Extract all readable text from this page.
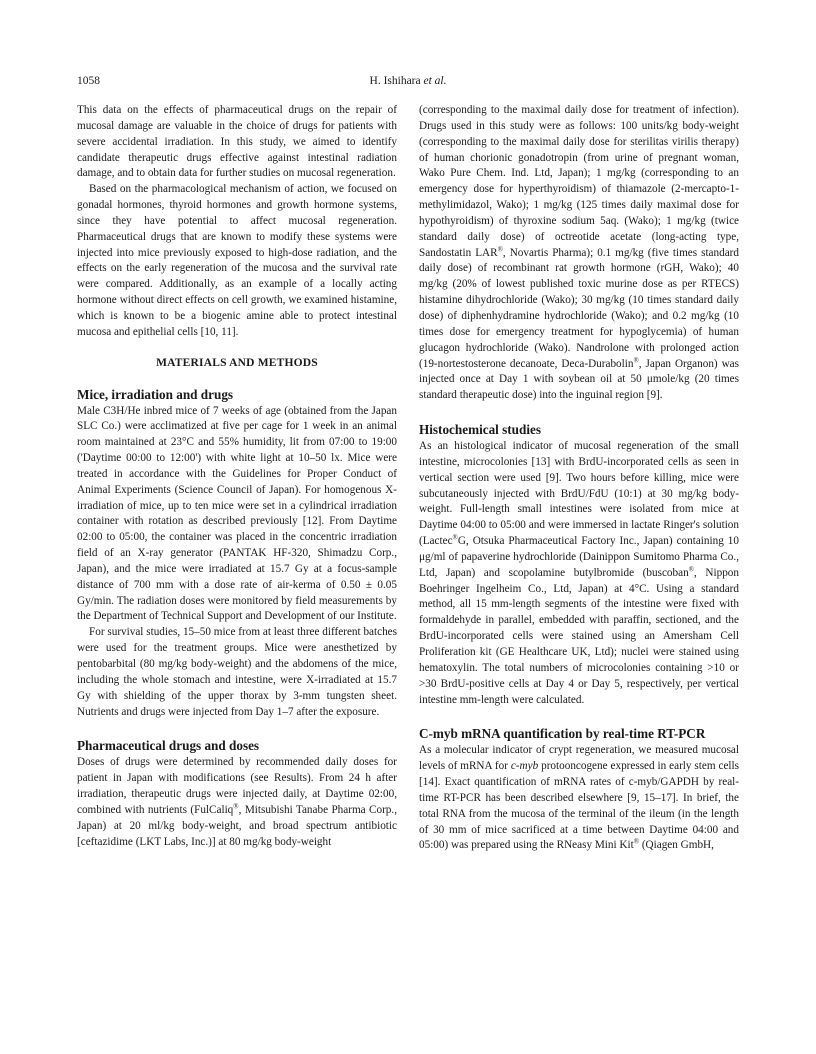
1058	H. Ishihara et al.

This data on the effects of pharmaceutical drugs on the repair of mucosal damage are valuable in the choice of drugs for patients with severe accidental irradiation. In this study, we aimed to identify candidate therapeutic drugs effective against intestinal radiation damage, and to obtain data for further studies on mucosal regeneration.

Based on the pharmacological mechanism of action, we focused on gonadal hormones, thyroid hormones and growth hormone systems, since they have potential to affect mucosal regeneration. Pharmaceutical drugs that are known to modify these systems were injected into mice previously exposed to high-dose radiation, and the effects on the early regeneration of the mucosa and the survival rate were compared. Additionally, as an example of a locally acting hormone without direct effects on cell growth, we examined histamine, which is known to be a biogenic amine able to protect intestinal mucosa and epithelial cells [10, 11].

MATERIALS AND METHODS
Mice, irradiation and drugs

Male C3H/He inbred mice of 7 weeks of age (obtained from the Japan SLC Co.) were acclimatized at five per cage for 1 week in an animal room maintained at 23°C and 55% humidity, lit from 07:00 to 19:00 ('Daytime 00:00 to 12:00') with white light at 10–50 lx. Mice were treated in accordance with the Guidelines for Proper Conduct of Animal Experiments (Science Council of Japan). For homogenous X-irradiation of mice, up to ten mice were set in a cylindrical irradiation container with rotation as described previously [12]. From Daytime 02:00 to 05:00, the container was placed in the concentric irradiation field of an X-ray generator (PANTAK HF-320, Shimadzu Corp., Japan), and the mice were irradiated at 15.7 Gy at a focus-sample distance of 700 mm with a dose rate of air-kerma of 0.50 ± 0.05 Gy/min. The radiation doses were monitored by field measurements by the Department of Technical Support and Development of our Institute.

For survival studies, 15–50 mice from at least three different batches were used for the treatment groups. Mice were anesthetized by pentobarbital (80 mg/kg body-weight) and the abdomens of the mice, including the whole stomach and intestine, were X-irradiated at 15.7 Gy with shielding of the upper thorax by 3-mm tungsten sheet. Nutrients and drugs were injected from Day 1–7 after the exposure.

Pharmaceutical drugs and doses

Doses of drugs were determined by recommended daily doses for patient in Japan with modifications (see Results). From 24 h after irradiation, therapeutic drugs were injected daily, at Daytime 02:00, combined with nutrients (FulCaliq®, Mitsubishi Tanabe Pharma Corp., Japan) at 20 ml/kg body-weight, and broad spectrum antibiotic [ceftazidime (LKT Labs, Inc.)] at 80 mg/kg body-weight

(corresponding to the maximal daily dose for treatment of infection). Drugs used in this study were as follows: 100 units/kg body-weight (corresponding to the maximal daily dose for sterilitas virilis therapy) of human chorionic gonadotropin (from urine of pregnant woman, Wako Pure Chem. Ind. Ltd, Japan); 1 mg/kg (corresponding to an emergency dose for hyperthyroidism) of thiamazole (2-mercapto-1-methylimidazol, Wako); 1 mg/kg (125 times daily maximal dose for hypothyroidism) of thyroxine sodium 5aq. (Wako); 1 mg/kg (twice standard daily dose) of octreotide acetate (long-acting type, Sandostatin LAR®, Novartis Pharma); 0.1 mg/kg (five times standard daily dose) of recombinant rat growth hormone (rGH, Wako); 40 mg/kg (20% of lowest published toxic murine dose as per RTECS) histamine dihydrochloride (Wako); 30 mg/kg (10 times standard daily dose) of diphenhydramine hydrochloride (Wako); and 0.2 mg/kg (10 times dose for emergency treatment for hypoglycemia) of human glucagon hydrochloride (Wako). Nandrolone with prolonged action (19-nortestosterone decanoate, Deca-Durabolin®, Japan Organon) was injected once at Day 1 with soybean oil at 50 μmole/kg (20 times standard therapeutic dose) into the inguinal region [9].

Histochemical studies

As an histological indicator of mucosal regeneration of the small intestine, microcolonies [13] with BrdU-incorporated cells as seen in vertical section were used [9]. Two hours before killing, mice were subcutaneously injected with BrdU/FdU (10:1) at 30 mg/kg body-weight. Full-length small intestines were isolated from mice at Daytime 04:00 to 05:00 and were immersed in lactate Ringer's solution (Lactec®G, Otsuka Pharmaceutical Factory Inc., Japan) containing 10 μg/ml of papaverine hydrochloride (Dainippon Sumitomo Pharma Co., Ltd, Japan) and scopolamine butylbromide (buscoban®, Nippon Boehringer Ingelheim Co., Ltd, Japan) at 4°C. Using a standard method, all 15 mm-length segments of the intestine were fixed with formaldehyde in parallel, embedded with paraffin, sectioned, and the BrdU-incorporated cells were stained using an Amersham Cell Proliferation kit (GE Healthcare UK, Ltd); nuclei were stained using hematoxylin. The total numbers of microcolonies containing >10 or >30 BrdU-positive cells at Day 4 or Day 5, respectively, per vertical intestine mm-length were calculated.

C-myb mRNA quantification by real-time RT-PCR

As a molecular indicator of crypt regeneration, we measured mucosal levels of mRNA for c-myb protooncogene expressed in early stem cells [14]. Exact quantification of mRNA rates of c-myb/GAPDH by real-time RT-PCR has been described elsewhere [9, 15–17]. In brief, the total RNA from the mucosa of the terminal of the ileum (in the length of 30 mm of mice sacrificed at a time between Daytime 04:00 and 05:00) was prepared using the RNeasy Mini Kit® (Qiagen GmbH,
